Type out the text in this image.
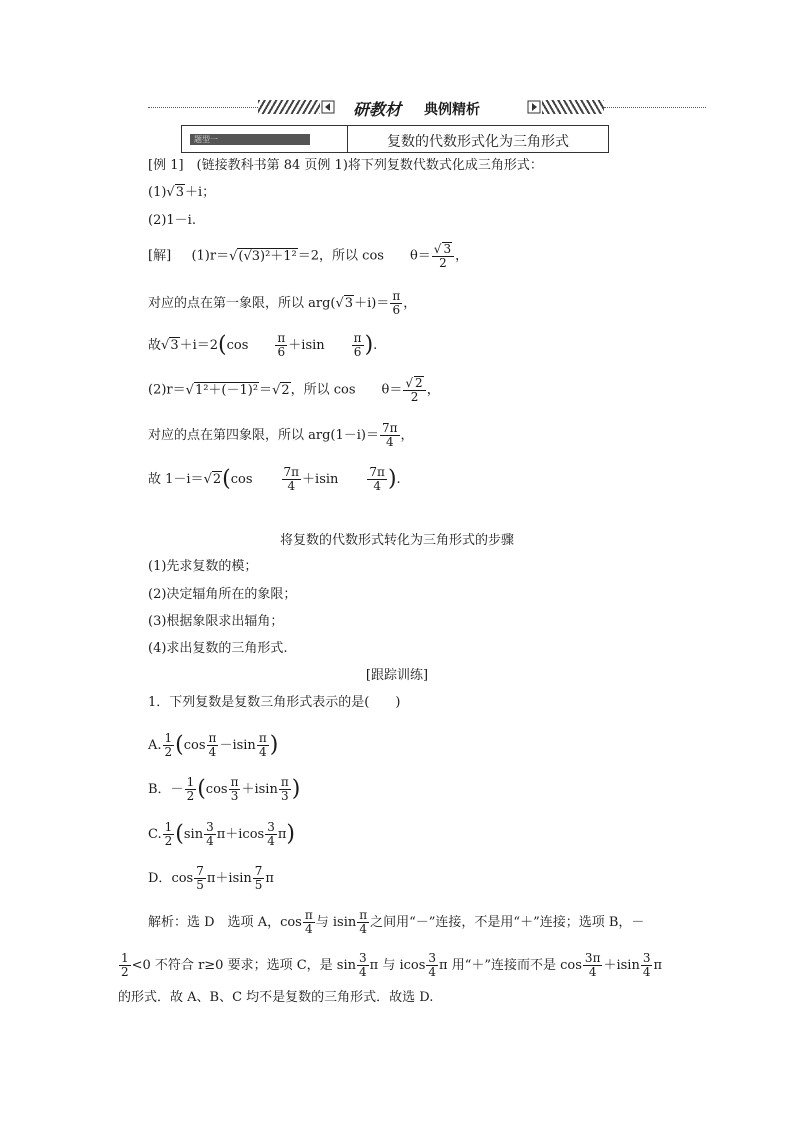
研教材 典例精析
题型一	复数的代数形式化为三角形式
[例 1]　(链接教科书第 84 页例 1)将下列复数代数式化成三角形式：
(1)√3＋i；
(2)1－i.
[解] (1)r＝√(√3)²＋1²＝2，所以 cos　　$\theta= \frac{√ 3}{2}$ ，
对应的点在第一象限，所以 $arg(√3+i)= \frac{\pi}{6}$ ，
故$√3+i=2(\cos \frac{\pi}{6} +isin \frac{\pi}{6}$ ).
(2)r＝√1²＋(－1)²＝√2，所以 cos　　$\theta= \frac{√ 2}{2}$ ，
对应的点在第四象限，所以 $arg(1-i)= \frac{7\pi}{4}$ ，
故 $1-i=√2(\cos \frac{7\pi}{4} +isin \frac{7\pi}{4}$ ).
将复数的代数形式转化为三角形式的步骤
(1)先求复数的模；
(2)决定辐角所在的象限；
(3)根据象限求出辐角；
(4)求出复数的三角形式.
[跟踪训练]
1．下列复数是复数三角形式表示的是(　　)
A. $\frac{1}{2} (\cos \frac{\pi}{4} -isin \frac{\pi}{4}$ )
B．－ $\frac{1}{2} (\cos \frac{\pi}{3} +isin \frac{\pi}{3}$ )
C. $\frac{1}{2} (\sin \frac{3}{4} \pi+icos \frac{3}{4} \pi)$
D．$\cos \frac{7}{5} \pi+isin \frac{7}{5}$ π
解析：选 D　选项 A，$\cos \frac{\pi}{4}$ 与 isin $\frac{\pi}{4}$ 之间用“－”连接，不是用“＋”连接；选项 B，－
$\frac{1}{2} <0$ 不符合 r≥0 要求；选项 C，是 $\sin \frac{3}{4}$ π 与 icos $\frac{3}{4}$ π 用“＋”连接而不是 $\cos \frac{3\pi}{4} +isin \frac{3}{4}$ π
的形式．故 A、B、C 均不是复数的三角形式．故选 D.
